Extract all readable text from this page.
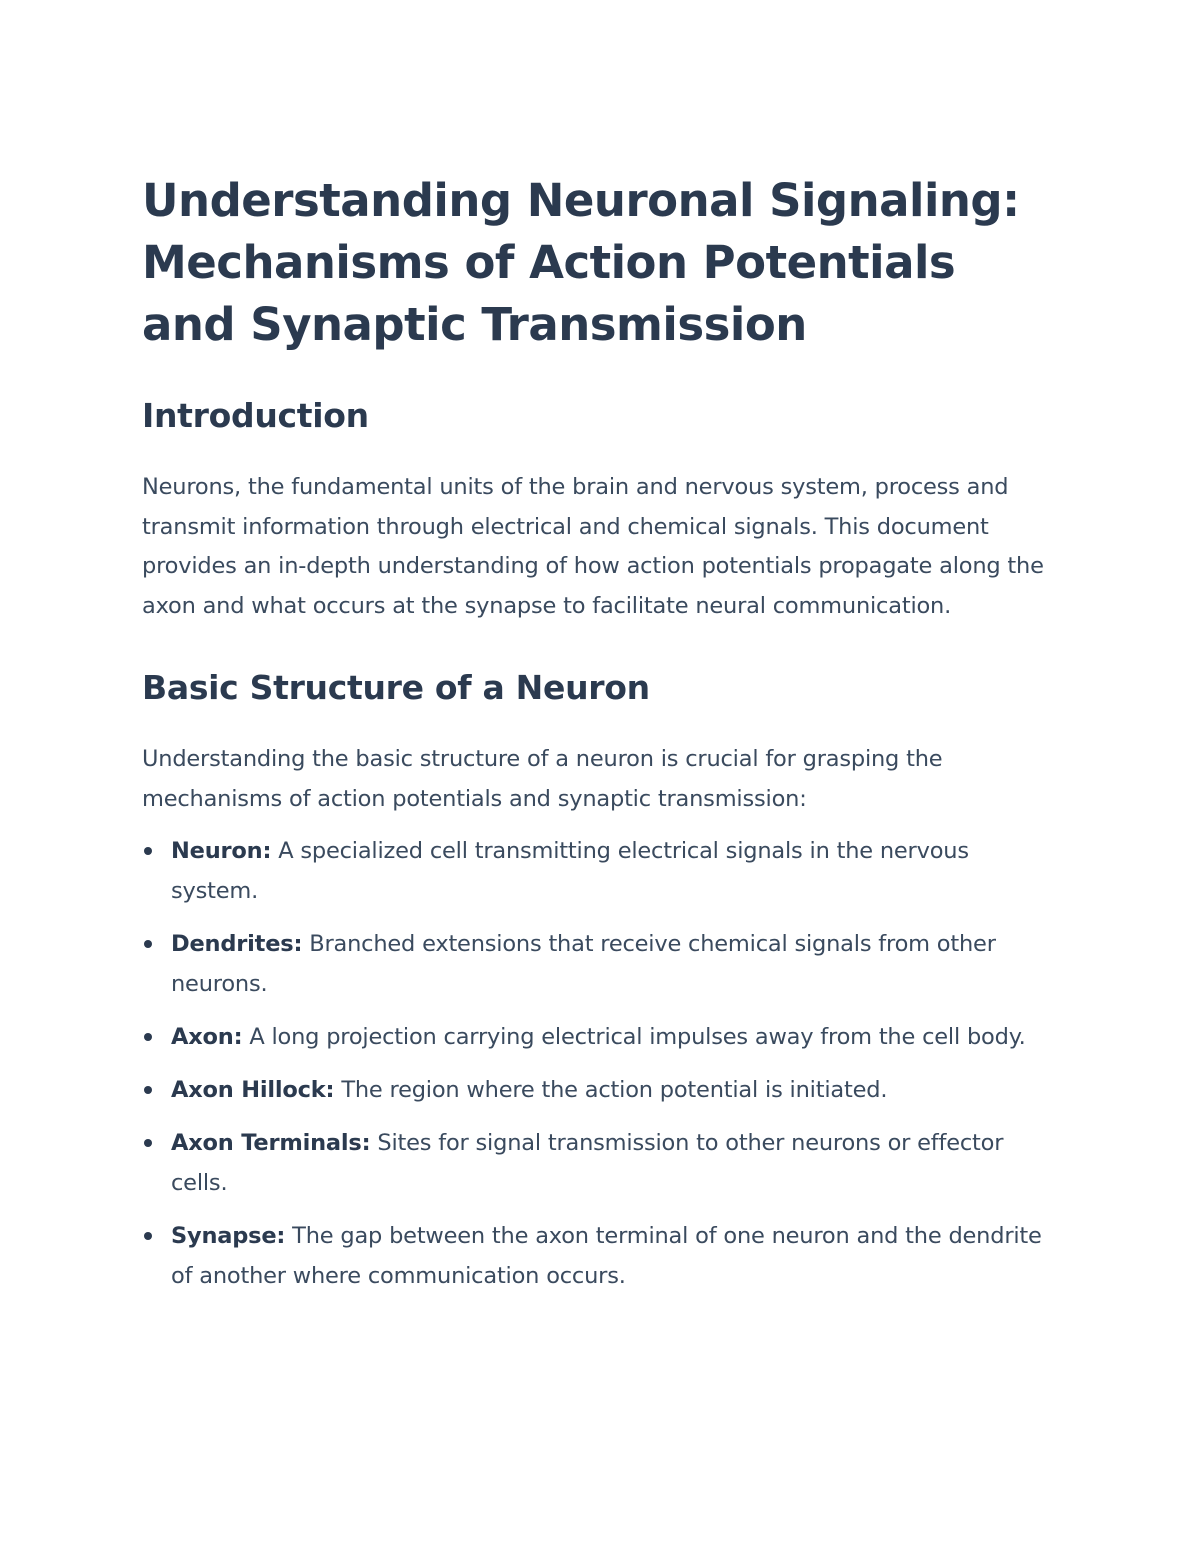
Understanding Neuronal Signaling: Mechanisms of Action Potentials and Synaptic Transmission
Introduction

Neurons, the fundamental units of the brain and nervous system, process and transmit information through electrical and chemical signals. This document provides an in-depth understanding of how action potentials propagate along the axon and what occurs at the synapse to facilitate neural communication.

Basic Structure of a Neuron

Understanding the basic structure of a neuron is crucial for grasping the mechanisms of action potentials and synaptic transmission:

Neuron: A specialized cell transmitting electrical signals in the nervous system.
Dendrites: Branched extensions that receive chemical signals from other neurons.
Axon: A long projection carrying electrical impulses away from the cell body.
Axon Hillock: The region where the action potential is initiated.
Axon Terminals: Sites for signal transmission to other neurons or effector cells.
Synapse: The gap between the axon terminal of one neuron and the dendrite of another where communication occurs.
